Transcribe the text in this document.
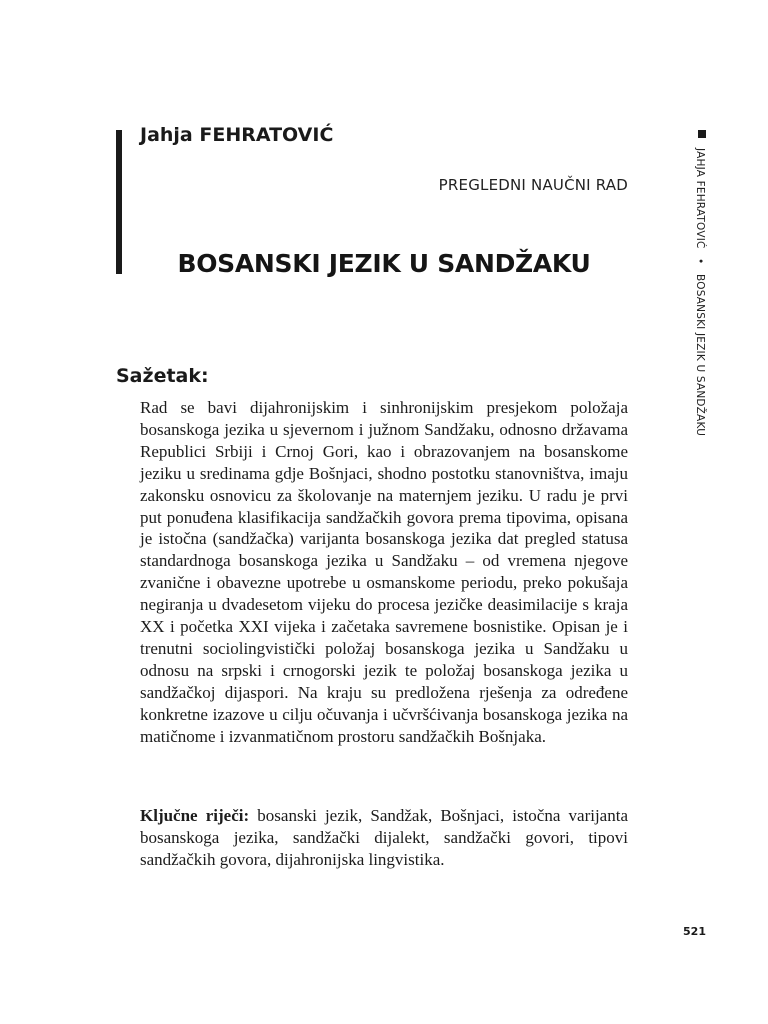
Jahja FEHRATOVIĆ

PREGLEDNI NAUČNI RAD

BOSANSKI JEZIK U SANDŽAKU
JAHJA FEHRATOVIĆ • BOSANSKI JEZIK U SANDŽAKU
Sažetak:

Rad se bavi dijahronijskim i sinhronijskim presjekom položaja bosanskoga jezika u sjevernom i južnom Sandžaku, odnosno državama Republici Srbiji i Crnoj Gori, kao i obrazovanjem na bosanskome jeziku u sredinama gdje Bošnjaci, shodno postotku stanovništva, imaju zakonsku osnovicu za školovanje na maternjem jeziku. U radu je prvi put ponuđena klasifikacija sandžačkih govora prema tipovima, opisana je istočna (sandžačka) varijanta bosanskoga jezika dat pregled statusa standardnoga bosanskoga jezika u Sandžaku – od vremena njegove zvanične i obavezne upotrebe u osmanskome periodu, preko pokušaja negiranja u dvadesetom vijeku do procesa jezičke deasimilacije s kraja XX i početka XXI vijeka i začetaka savremene bosnistike. Opisan je i trenutni sociolingvistički položaj bosanskoga jezika u Sandžaku u odnosu na srpski i crnogorski jezik te položaj bosanskoga jezika u sandžačkoj dijaspori. Na kraju su predložena rješenja za određene konkretne izazove u cilju očuvanja i učvršćivanja bosanskoga jezika na matičnome i izvanmatičnom prostoru sandžačkih Bošnjaka.

Ključne riječi: bosanski jezik, Sandžak, Bošnjaci, istočna varijanta bosanskoga jezika, sandžački dijalekt, sandžački govori, tipovi sandžačkih govora, dijahronijska lingvistika.

521
